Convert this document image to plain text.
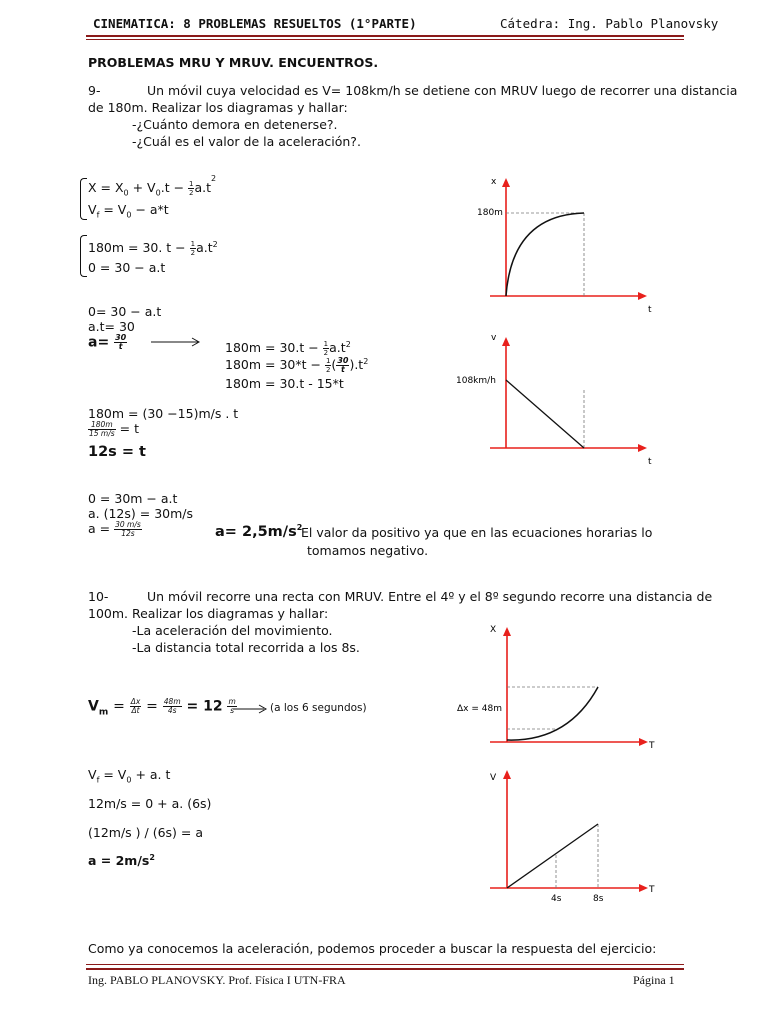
CINEMATICA: 8 PROBLEMAS RESUELTOS (1°PARTE)	Cátedra: Ing. Pablo Planovsky
PROBLEMAS MRU Y MRUV. ENCUENTROS.
9-	Un móvil cuya velocidad es V= 108km/h se detiene con MRUV luego de recorrer una distancia
de 180m. Realizar los diagramas y hallar:
-¿Cuánto demora en detenerse?.
-¿Cuál es el valor de la aceleración?.
$X = X_0 + V_0.t - \frac{1}{2} a.t^2$
$V_f = V_0 - a*t$
180m = 30. $t - \frac{1}{2} a.t^2$
0 = 30 − a.t
0= 30 − a.t
a.t= 30
$a= \frac{30}{t}$	$180m = 30.t - \frac{1}{2} a.t^2$
$180m = 30*t - \frac{1}{2}$ ( $\frac{30}{t} ).t^2$
180m = 30.t - 15*t
180m = (30 −15)m/s . t
$\frac{180m}{15 m/s} = t$
12s = t
0 = 30m − a.t
a. (12s) = 30m/s
$a = \frac{30 m/s}{12s}$	$a= 2,5m/s^2$
El valor da positivo ya que en las ecuaciones horarias lo
tomamos negativo.
10-	Un móvil recorre una recta con MRUV. Entre el 4º y el 8º segundo recorre una distancia de
100m. Realizar los diagramas y hallar:
-La aceleración del movimiento.
-La distancia total recorrida a los 8s.
$V_m = \frac{\Delta x}{\Delta t} = \frac{48m}{4s} = 12 \frac{m}{s}$	(a los 6 segundos)
$V_f = V_0 + a$. t
12m/s = 0 + a. (6s)
(12m/s ) / (6s) = a
$a = 2m/s^2$
Como ya conocemos la aceleración, podemos proceder a buscar la respuesta del ejercicio:
x
t
180m
v
t
108km/h
X
T
Δx = 48m
V
T
4s	8s
Ing. PABLO PLANOVSKY. Prof. Física I UTN-FRA	Página 1
